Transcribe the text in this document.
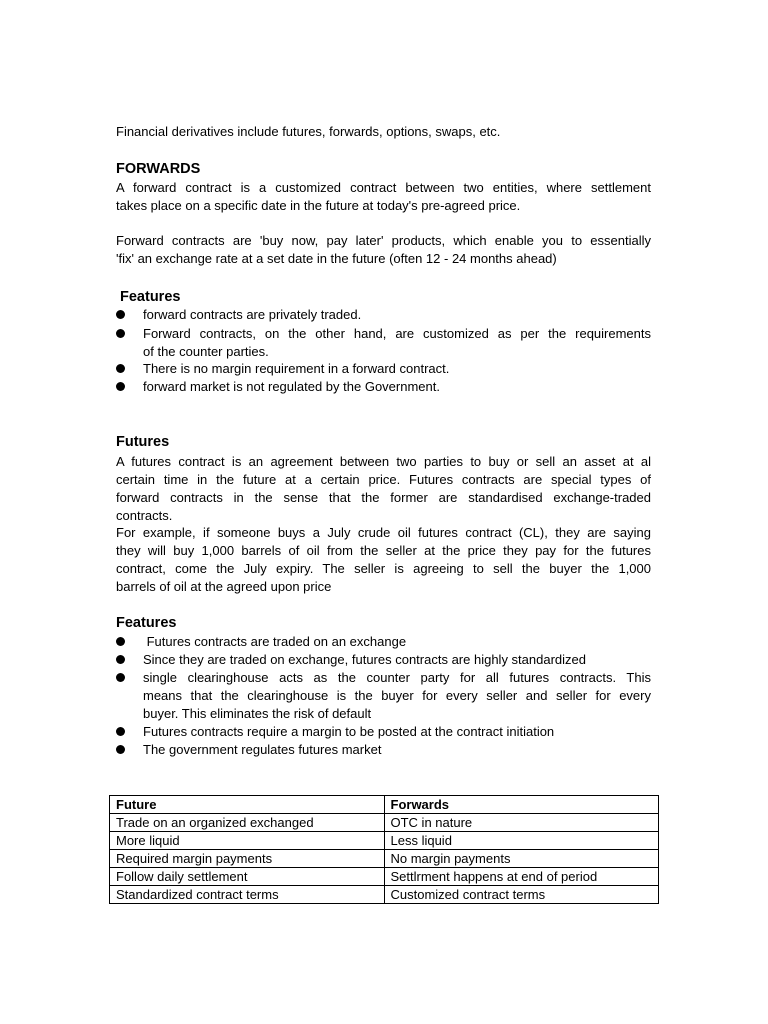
Financial derivatives include futures, forwards, options, swaps, etc.
FORWARDS
A forward contract is a customized contract between two entities, where settlement
takes place on a specific date in the future at today's pre-agreed price.
Forward contracts are 'buy now, pay later' products, which enable you to essentially
'fix' an exchange rate at a set date in the future (often 12 - 24 months ahead)
Features
forward contracts are privately traded.
Forward contracts, on the other hand, are customized as per the requirements
of the counter parties.
There is no margin requirement in a forward contract.
forward market is not regulated by the Government.
Futures
A futures contract is an agreement between two parties to buy or sell an asset at al
certain time in the future at a certain price. Futures contracts are special types of
forward contracts in the sense that the former are standardised exchange-traded
contracts.
For example, if someone buys a July crude oil futures contract (CL), they are saying
they will buy 1,000 barrels of oil from the seller at the price they pay for the futures
contract, come the July expiry. The seller is agreeing to sell the buyer the 1,000
barrels of oil at the agreed upon price
Features
Futures contracts are traded on an exchange
Since they are traded on exchange, futures contracts are highly standardized
single clearinghouse acts as the counter party for all futures contracts. This
means that the clearinghouse is the buyer for every seller and seller for every
buyer. This eliminates the risk of default
Futures contracts require a margin to be posted at the contract initiation
The government regulates futures market
Future	Forwards
Trade on an organized exchanged	OTC in nature
More liquid	Less liquid
Required margin payments	No margin payments
Follow daily settlement	Settlrment happens at end of period
Standardized contract terms	Customized contract terms
